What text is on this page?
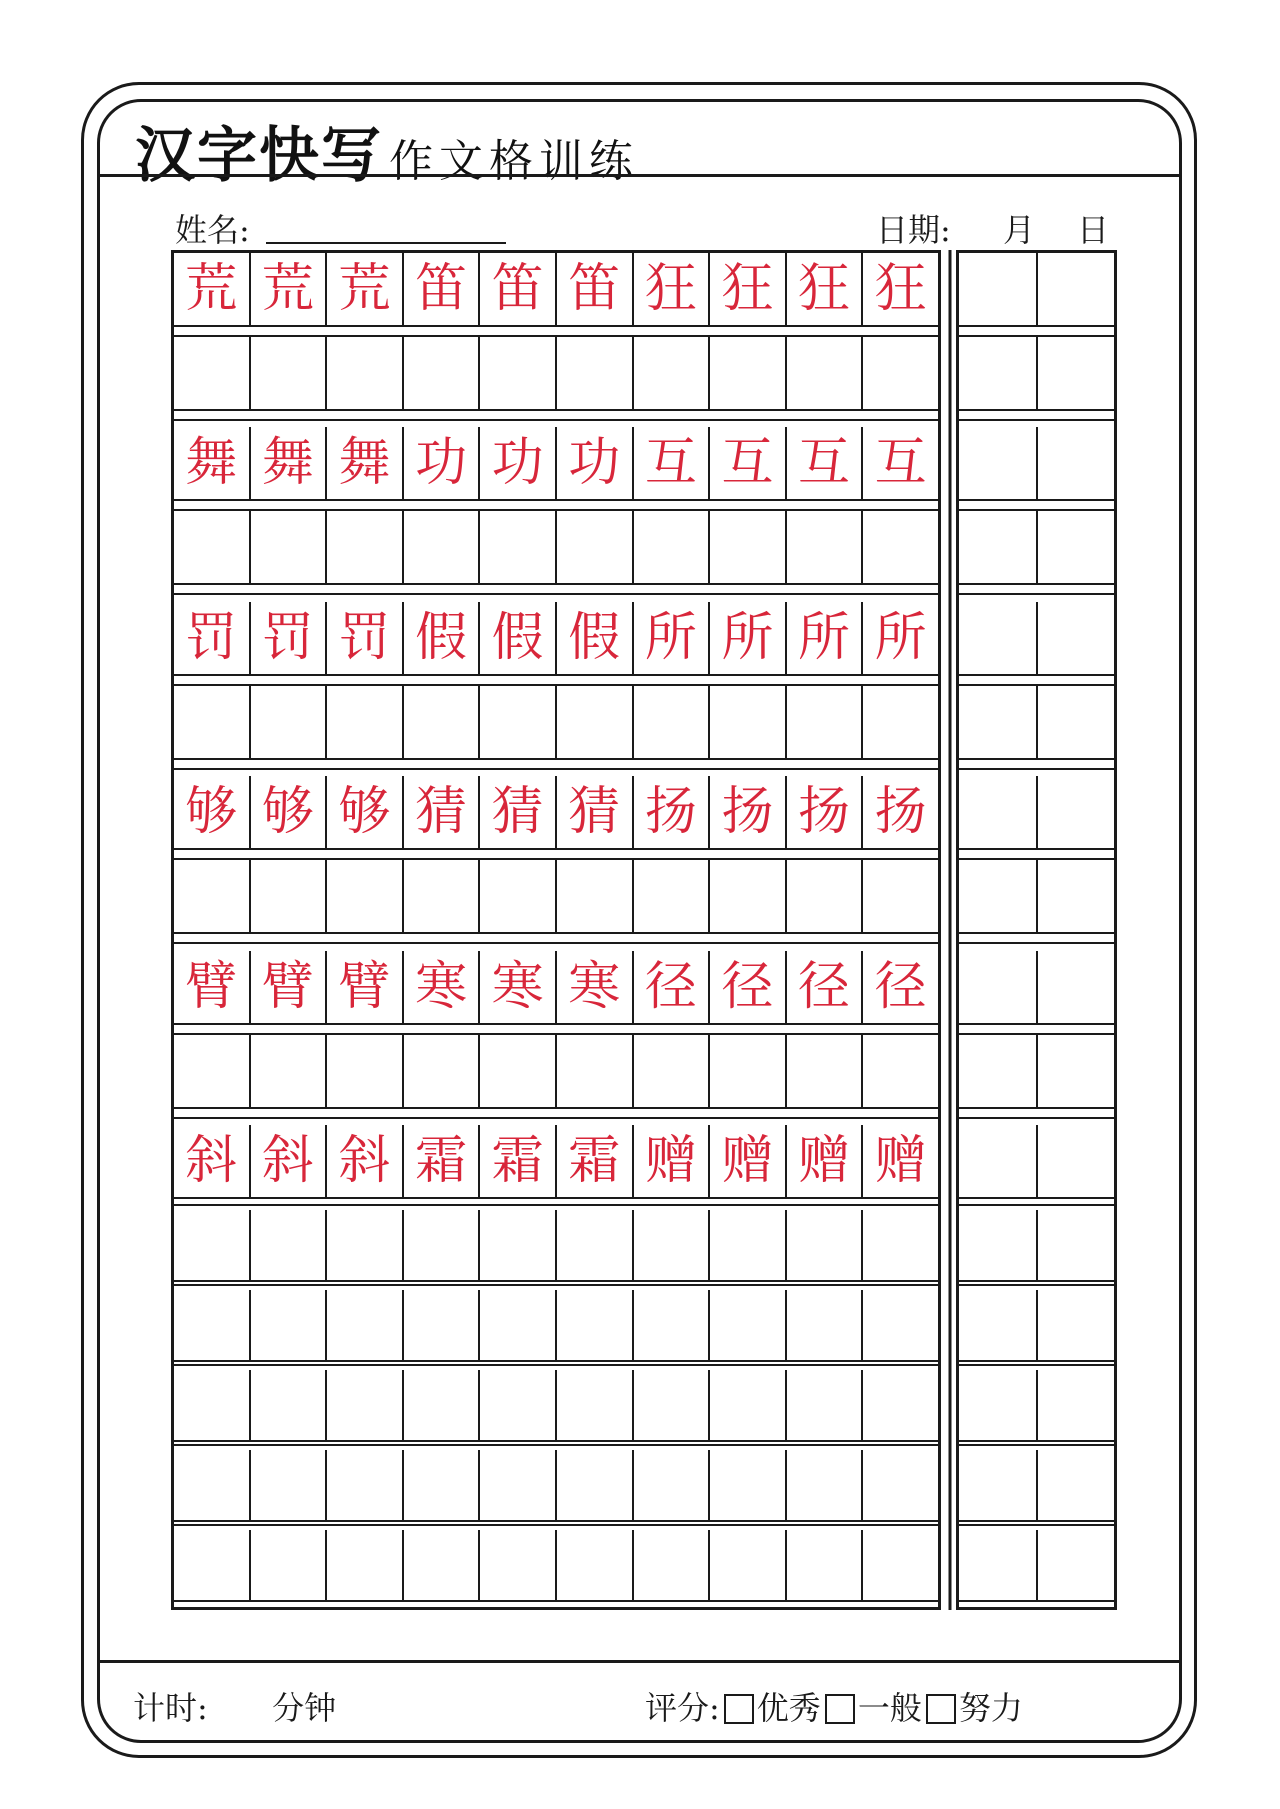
汉字快写 作文格训练
姓名:	日期: 月 日
荒 荒 荒 笛 笛 笛 狂 狂 狂 狂
舞 舞 舞 功 功 功 互 互 互 互
罚 罚 罚 假 假 假 所 所 所 所
够 够 够 猜 猜 猜 扬 扬 扬 扬
臂 臂 臂 寒 寒 寒 径 径 径 径
斜 斜 斜 霜 霜 霜 赠 赠 赠 赠
计时: 分钟	评分: 优秀 一般 努力
